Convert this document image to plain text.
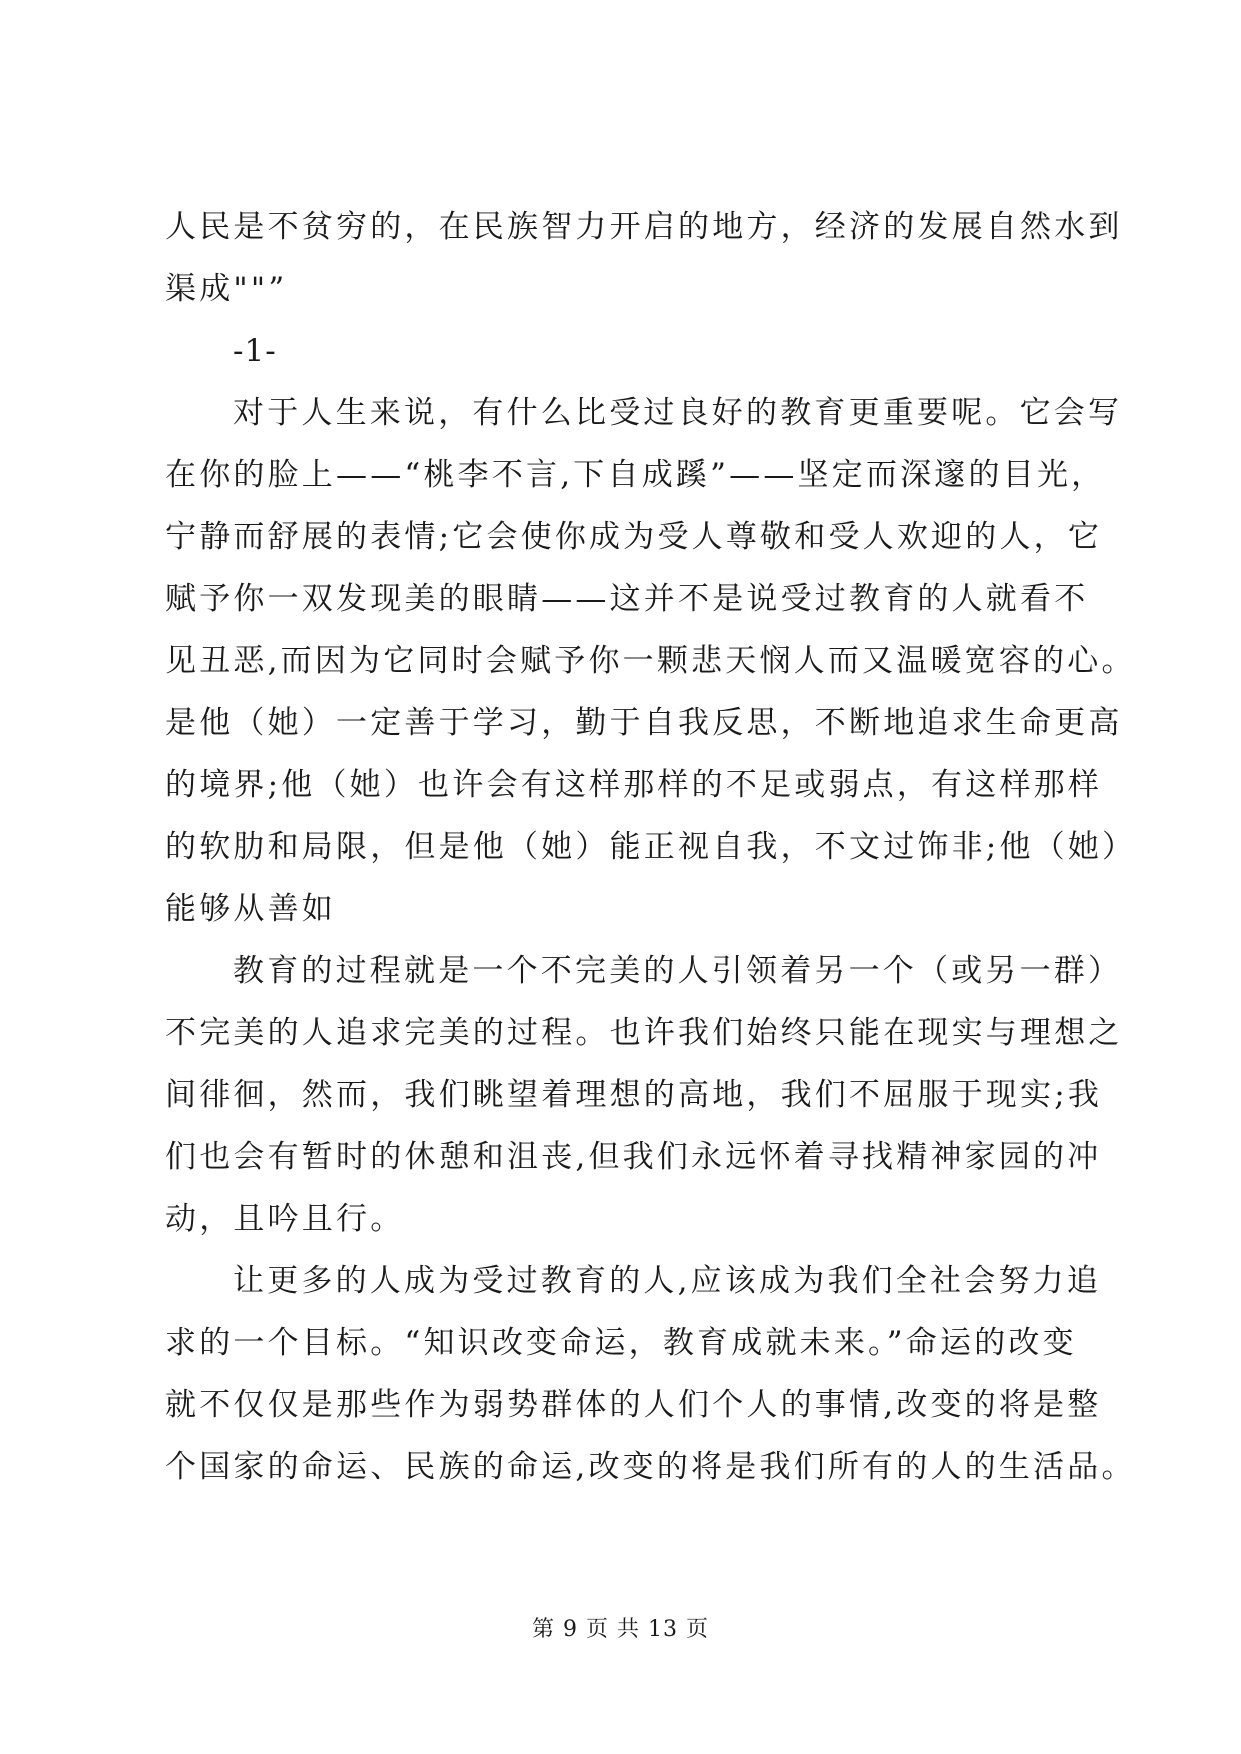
人民是不贫穷的，在民族智力开启的地方，经济的发展自然水到
渠成""”
-1-
对于人生来说，有什么比受过良好的教育更重要呢。它会写
在你的脸上——“桃李不言,下自成蹊”——坚定而深邃的目光，
宁静而舒展的表情;它会使你成为受人尊敬和受人欢迎的人，它
赋予你一双发现美的眼睛——这并不是说受过教育的人就看不
见丑恶,而因为它同时会赋予你一颗悲天悯人而又温暖宽容的心。
是他（她）一定善于学习，勤于自我反思，不断地追求生命更高
的境界;他（她）也许会有这样那样的不足或弱点，有这样那样
的软肋和局限，但是他（她）能正视自我，不文过饰非;他（她）
能够从善如
教育的过程就是一个不完美的人引领着另一个（或另一群）
不完美的人追求完美的过程。也许我们始终只能在现实与理想之
间徘徊，然而，我们眺望着理想的高地，我们不屈服于现实;我
们也会有暂时的休憩和沮丧,但我们永远怀着寻找精神家园的冲
动，且吟且行。
让更多的人成为受过教育的人,应该成为我们全社会努力追
求的一个目标。“知识改变命运，教育成就未来。”命运的改变
就不仅仅是那些作为弱势群体的人们个人的事情,改变的将是整
个国家的命运、民族的命运,改变的将是我们所有的人的生活品。
第 9 页 共 13 页
